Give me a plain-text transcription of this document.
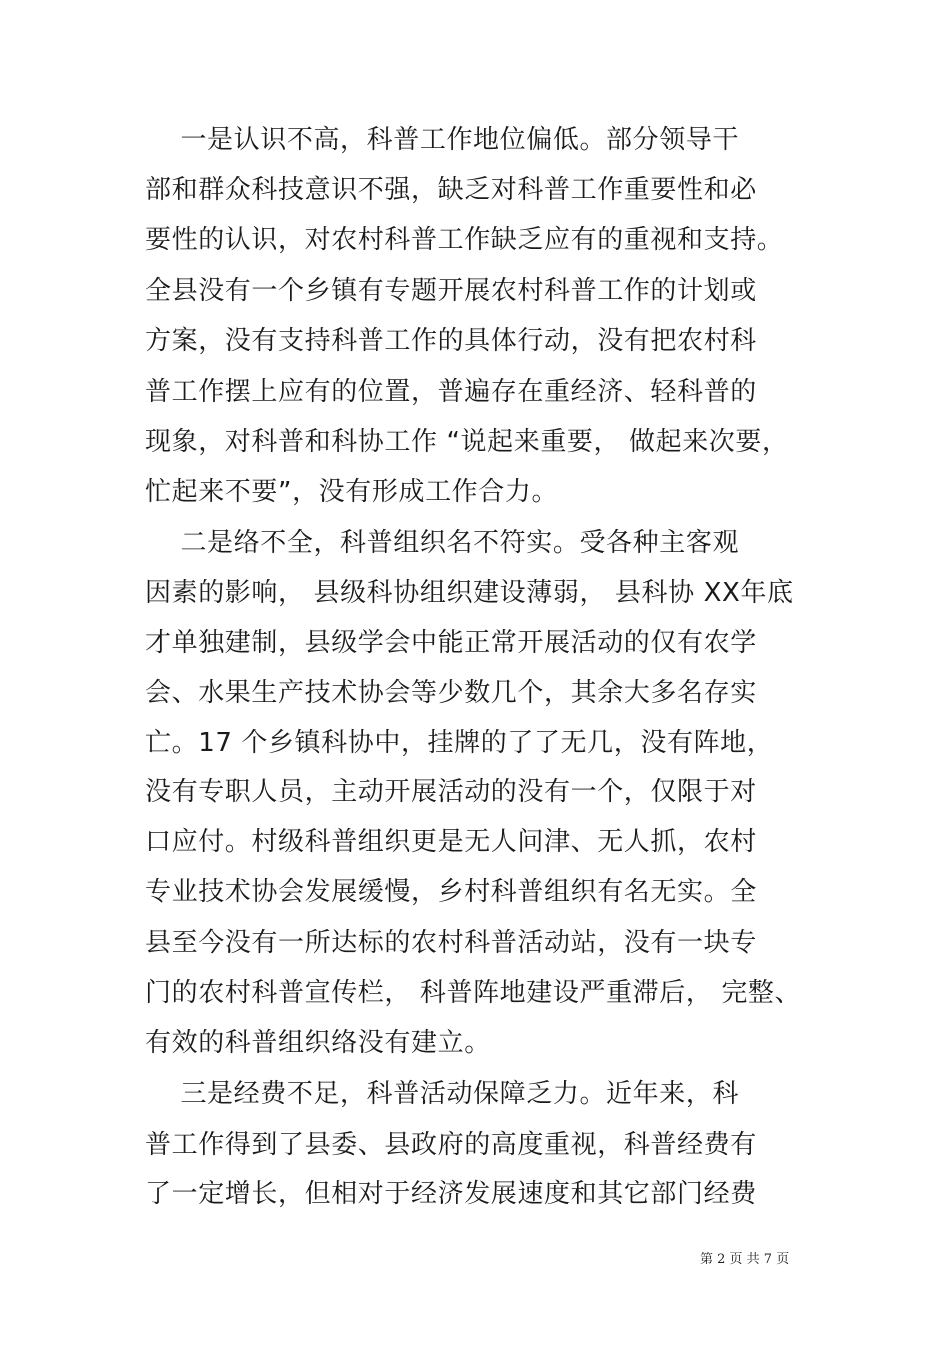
一是认识不高，科普工作地位偏低。部分领导干
部和群众科技意识不强，缺乏对科普工作重要性和必
要性的认识，对农村科普工作缺乏应有的重视和支持。
全县没有一个乡镇有专题开展农村科普工作的计划或
方案，没有支持科普工作的具体行动，没有把农村科
普工作摆上应有的位置，普遍存在重经济、轻科普的
现象，对科普和科协工作 “说起来重要， 做起来次要，
忙起来不要”，没有形成工作合力。
二是络不全，科普组织名不符实。受各种主客观
因素的影响， 县级科协组织建设薄弱， 县科协 XX年底
才单独建制，县级学会中能正常开展活动的仅有农学
会、水果生产技术协会等少数几个，其余大多名存实
亡。17 个乡镇科协中，挂牌的了了无几，没有阵地，
没有专职人员，主动开展活动的没有一个，仅限于对
口应付。村级科普组织更是无人问津、无人抓，农村
专业技术协会发展缓慢，乡村科普组织有名无实。全
县至今没有一所达标的农村科普活动站，没有一块专
门的农村科普宣传栏， 科普阵地建设严重滞后， 完整、
有效的科普组织络没有建立。
三是经费不足，科普活动保障乏力。近年来，科
普工作得到了县委、县政府的高度重视，科普经费有
了一定增长，但相对于经济发展速度和其它部门经费
第 2 页 共 7 页
